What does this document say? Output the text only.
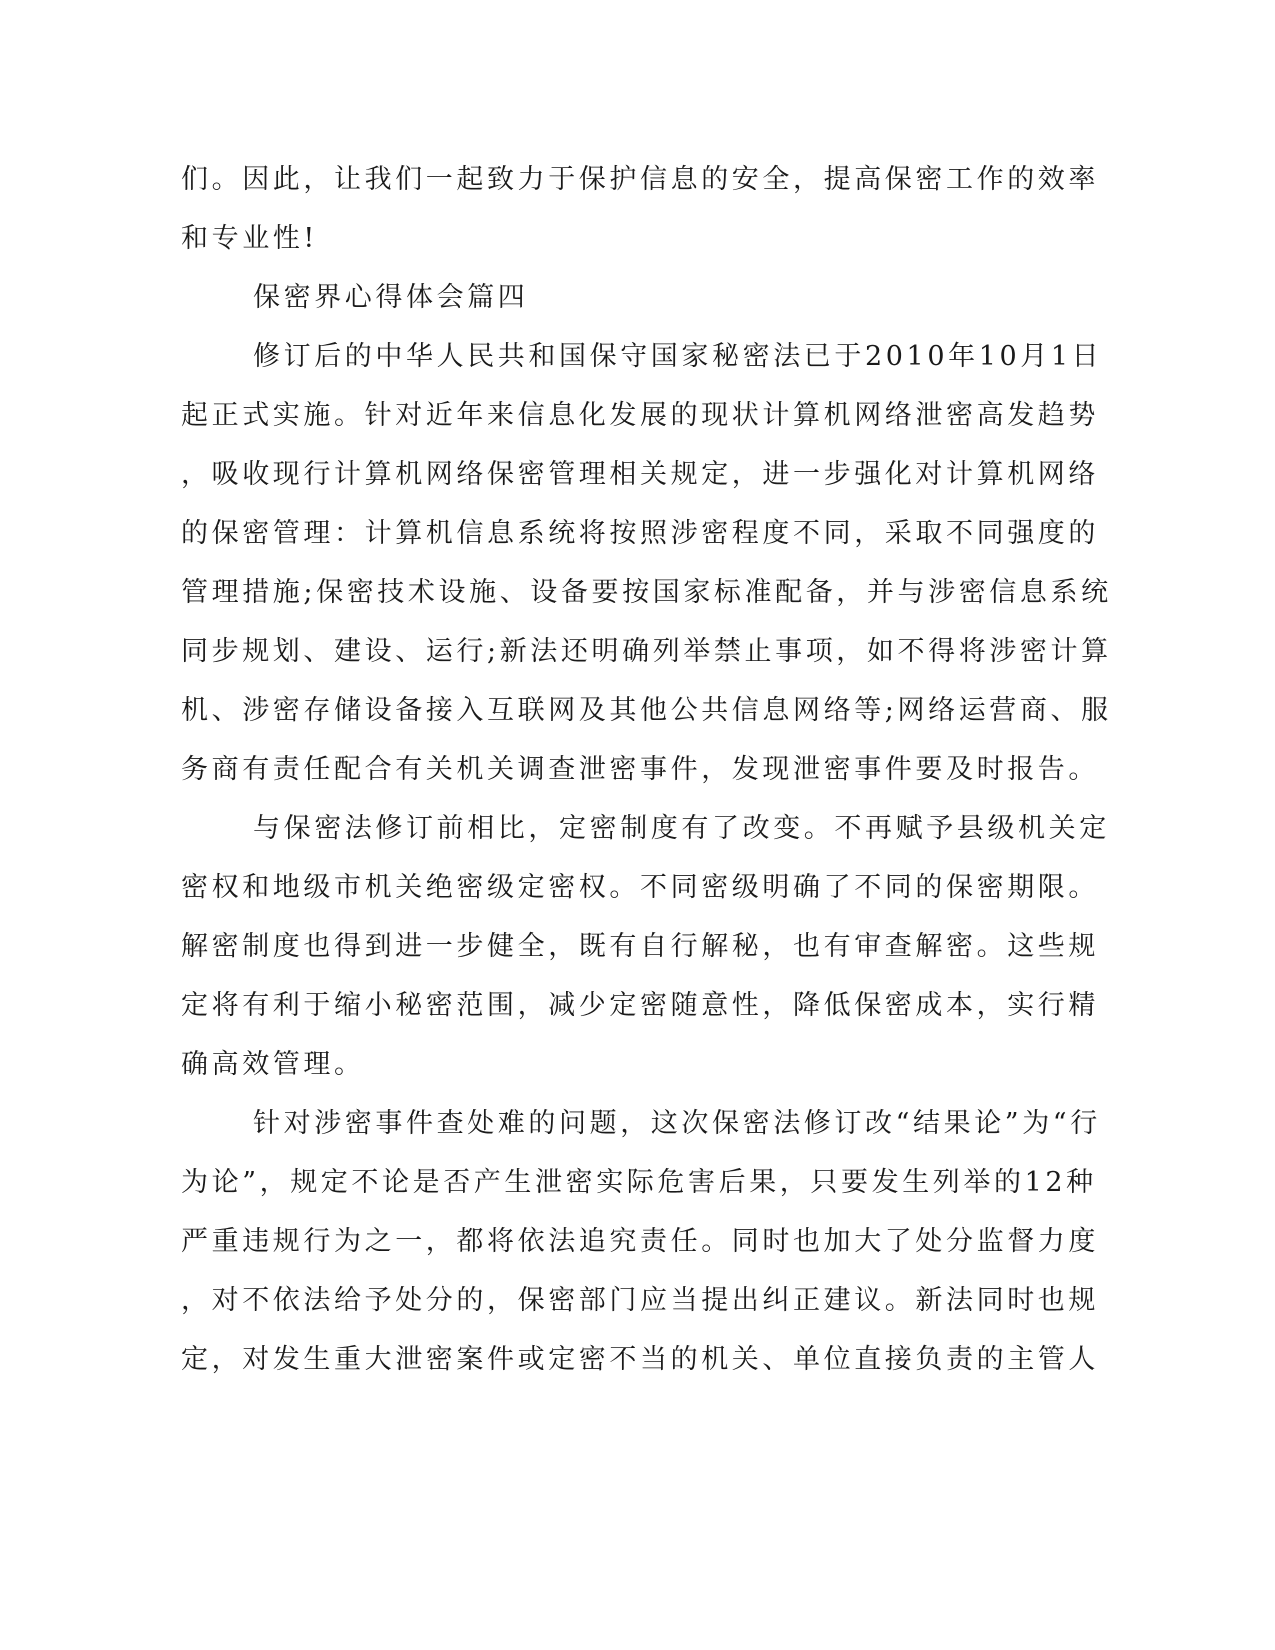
们。因此，让我们一起致力于保护信息的安全，提高保密工作的效率
和专业性!
保密界心得体会篇四
修订后的中华人民共和国保守国家秘密法已于2010年10月1日
起正式实施。针对近年来信息化发展的现状计算机网络泄密高发趋势
，吸收现行计算机网络保密管理相关规定，进一步强化对计算机网络
的保密管理：计算机信息系统将按照涉密程度不同，采取不同强度的
管理措施;保密技术设施、设备要按国家标准配备，并与涉密信息系统
同步规划、建设、运行;新法还明确列举禁止事项，如不得将涉密计算
机、涉密存储设备接入互联网及其他公共信息网络等;网络运营商、服
务商有责任配合有关机关调查泄密事件，发现泄密事件要及时报告。
与保密法修订前相比，定密制度有了改变。不再赋予县级机关定
密权和地级市机关绝密级定密权。不同密级明确了不同的保密期限。
解密制度也得到进一步健全，既有自行解秘，也有审查解密。这些规
定将有利于缩小秘密范围，减少定密随意性，降低保密成本，实行精
确高效管理。
针对涉密事件查处难的问题，这次保密法修订改“结果论”为“行
为论”，规定不论是否产生泄密实际危害后果，只要发生列举的12种
严重违规行为之一，都将依法追究责任。同时也加大了处分监督力度
，对不依法给予处分的，保密部门应当提出纠正建议。新法同时也规
定，对发生重大泄密案件或定密不当的机关、单位直接负责的主管人
